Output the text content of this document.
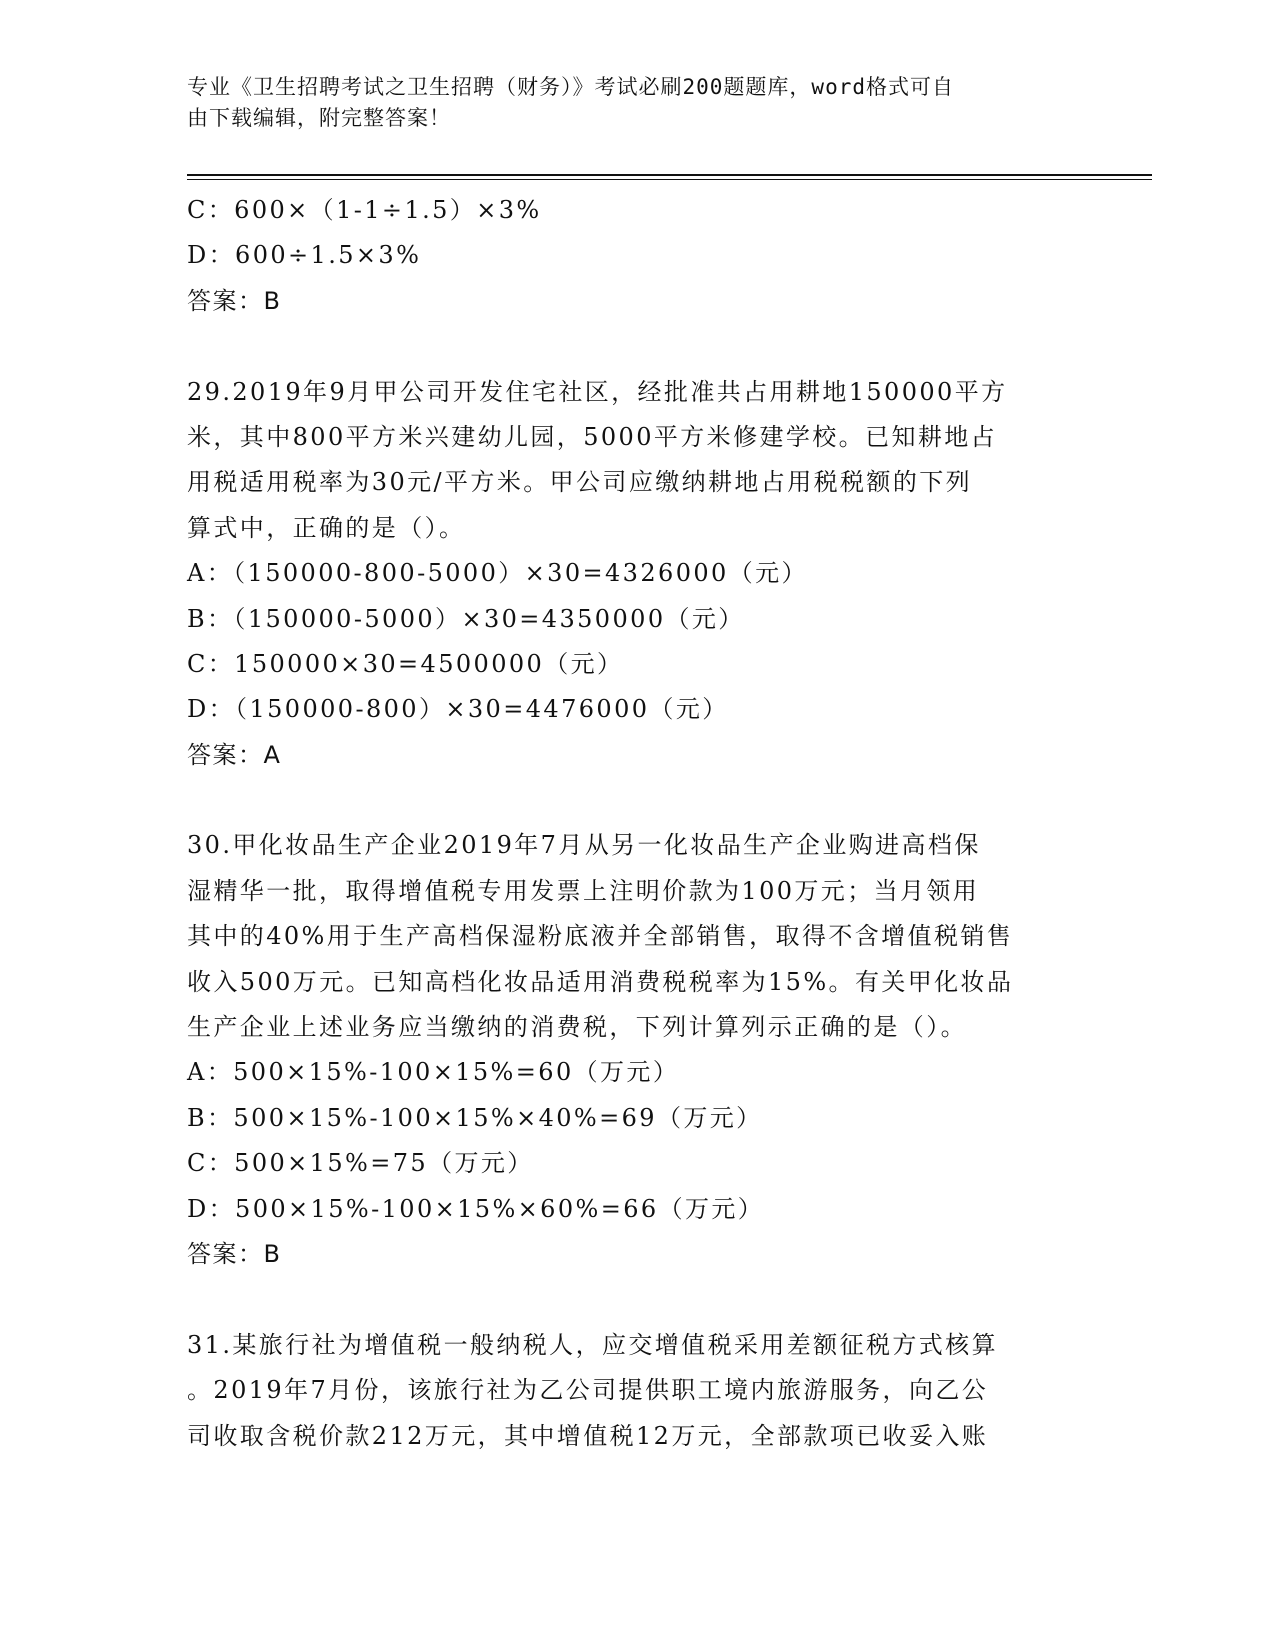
专业《卫生招聘考试之卫生招聘（财务）》考试必刷200题题库，word格式可自
由下载编辑，附完整答案！
C：600×（1-1÷1.5）×3%
D：600÷1.5×3%
答案：B
29.2019年9月甲公司开发住宅社区，经批准共占用耕地150000平方
米，其中800平方米兴建幼儿园，5000平方米修建学校。已知耕地占
用税适用税率为30元/平方米。甲公司应缴纳耕地占用税税额的下列
算式中，正确的是（）。
A：（150000-800-5000）×30=4326000（元）
B：（150000-5000）×30=4350000（元）
C：150000×30=4500000（元）
D：（150000-800）×30=4476000（元）
答案：A
30.甲化妆品生产企业2019年7月从另一化妆品生产企业购进高档保
湿精华一批，取得增值税专用发票上注明价款为100万元；当月领用
其中的40%用于生产高档保湿粉底液并全部销售，取得不含增值税销售
收入500万元。已知高档化妆品适用消费税税率为15%。有关甲化妆品
生产企业上述业务应当缴纳的消费税，下列计算列示正确的是（）。
A：500×15%-100×15%=60（万元）
B：500×15%-100×15%×40%=69（万元）
C：500×15%=75（万元）
D：500×15%-100×15%×60%=66（万元）
答案：B
31.某旅行社为增值税一般纳税人，应交增值税采用差额征税方式核算
。2019年7月份，该旅行社为乙公司提供职工境内旅游服务，向乙公
司收取含税价款212万元，其中增值税12万元，全部款项已收妥入账
